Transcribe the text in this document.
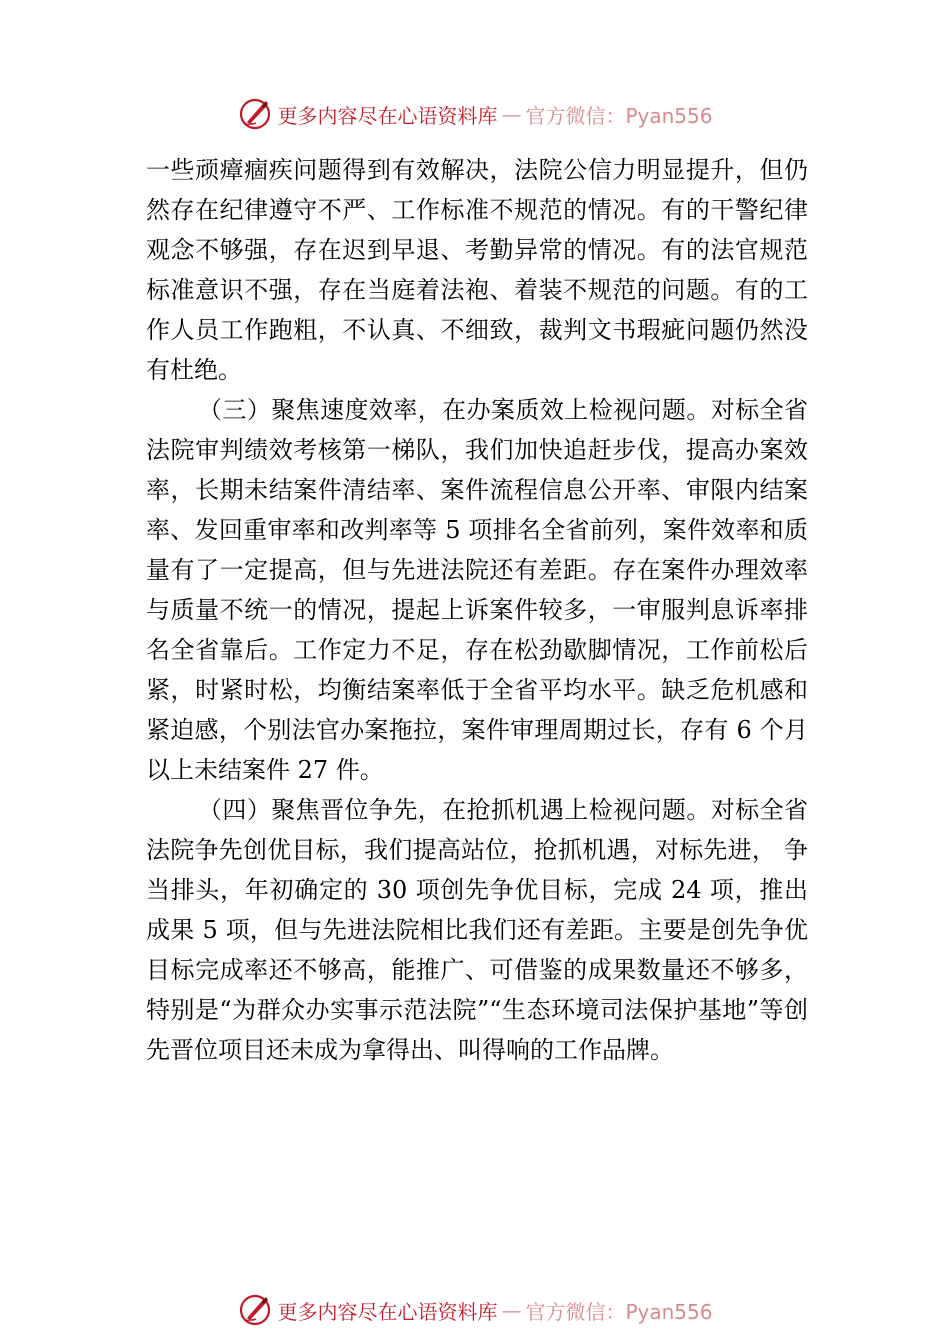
更多内容尽在心语资料库 — 官方微信：Pyan556

一些顽瘴痼疾问题得到有效解决，法院公信力明显提升，但仍然存在纪律遵守不严、工作标准不规范的情况。有的干警纪律观念不够强，存在迟到早退、考勤异常的情况。有的法官规范标准意识不强，存在当庭着法袍、着装不规范的问题。有的工作人员工作跑粗，不认真、不细致，裁判文书瑕疵问题仍然没有杜绝。

（三）聚焦速度效率，在办案质效上检视问题。对标全省法院审判绩效考核第一梯队，我们加快追赶步伐，提高办案效率，长期未结案件清结率、案件流程信息公开率、审限内结案率、发回重审率和改判率等 5 项排名全省前列，案件效率和质量有了一定提高，但与先进法院还有差距。存在案件办理效率与质量不统一的情况，提起上诉案件较多，一审服判息诉率排名全省靠后。工作定力不足，存在松劲歇脚情况，工作前松后紧，时紧时松，均衡结案率低于全省平均水平。缺乏危机感和紧迫感，个别法官办案拖拉，案件审理周期过长，存有 6 个月以上未结案件 27 件。

（四）聚焦晋位争先，在抢抓机遇上检视问题。对标全省法院争先创优目标，我们提高站位，抢抓机遇，对标先进， 争当排头，年初确定的 30 项创先争优目标，完成 24 项，推出成果 5 项，但与先进法院相比我们还有差距。主要是创先争优目标完成率还不够高，能推广、可借鉴的成果数量还不够多，特别是“为群众办实事示范法院”“生态环境司法保护基地”等创先晋位项目还未成为拿得出、叫得响的工作品牌。

更多内容尽在心语资料库 — 官方微信：Pyan556
